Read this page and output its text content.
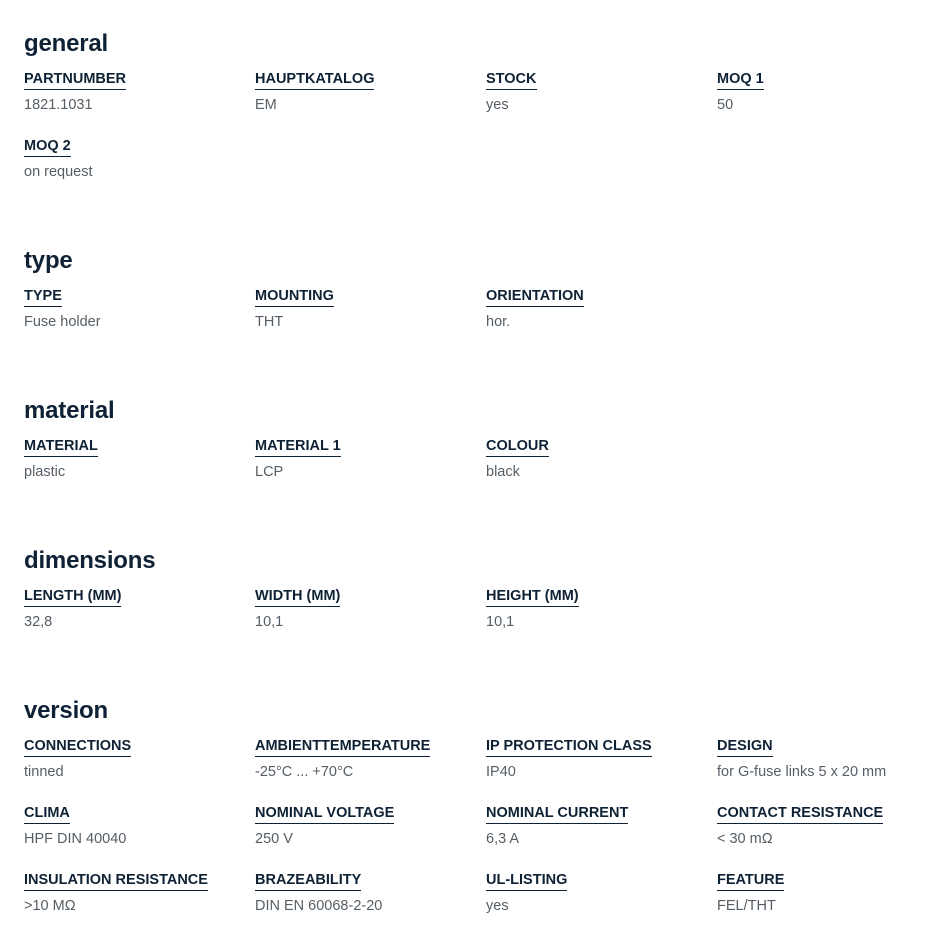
general
PARTNUMBER
1821.1031
HAUPTKATALOG
EM
STOCK
yes
MOQ 1
50
MOQ 2
on request
type
TYPE
Fuse holder
MOUNTING
THT
ORIENTATION
hor.
material
MATERIAL
plastic
MATERIAL 1
LCP
COLOUR
black
dimensions
LENGTH (MM)
32,8
WIDTH (MM)
10,1
HEIGHT (MM)
10,1
version
CONNECTIONS
tinned
AMBIENTTEMPERATURE
-25°C ... +70°C
IP PROTECTION CLASS
IP40
DESIGN
for G-fuse links 5 x 20 mm
CLIMA
HPF DIN 40040
NOMINAL VOLTAGE
250 V
NOMINAL CURRENT
6,3 A
CONTACT RESISTANCE
< 30 mΩ
INSULATION RESISTANCE
>10 MΩ
BRAZEABILITY
DIN EN 60068-2-20
UL-LISTING
yes
FEATURE
FEL/THT
